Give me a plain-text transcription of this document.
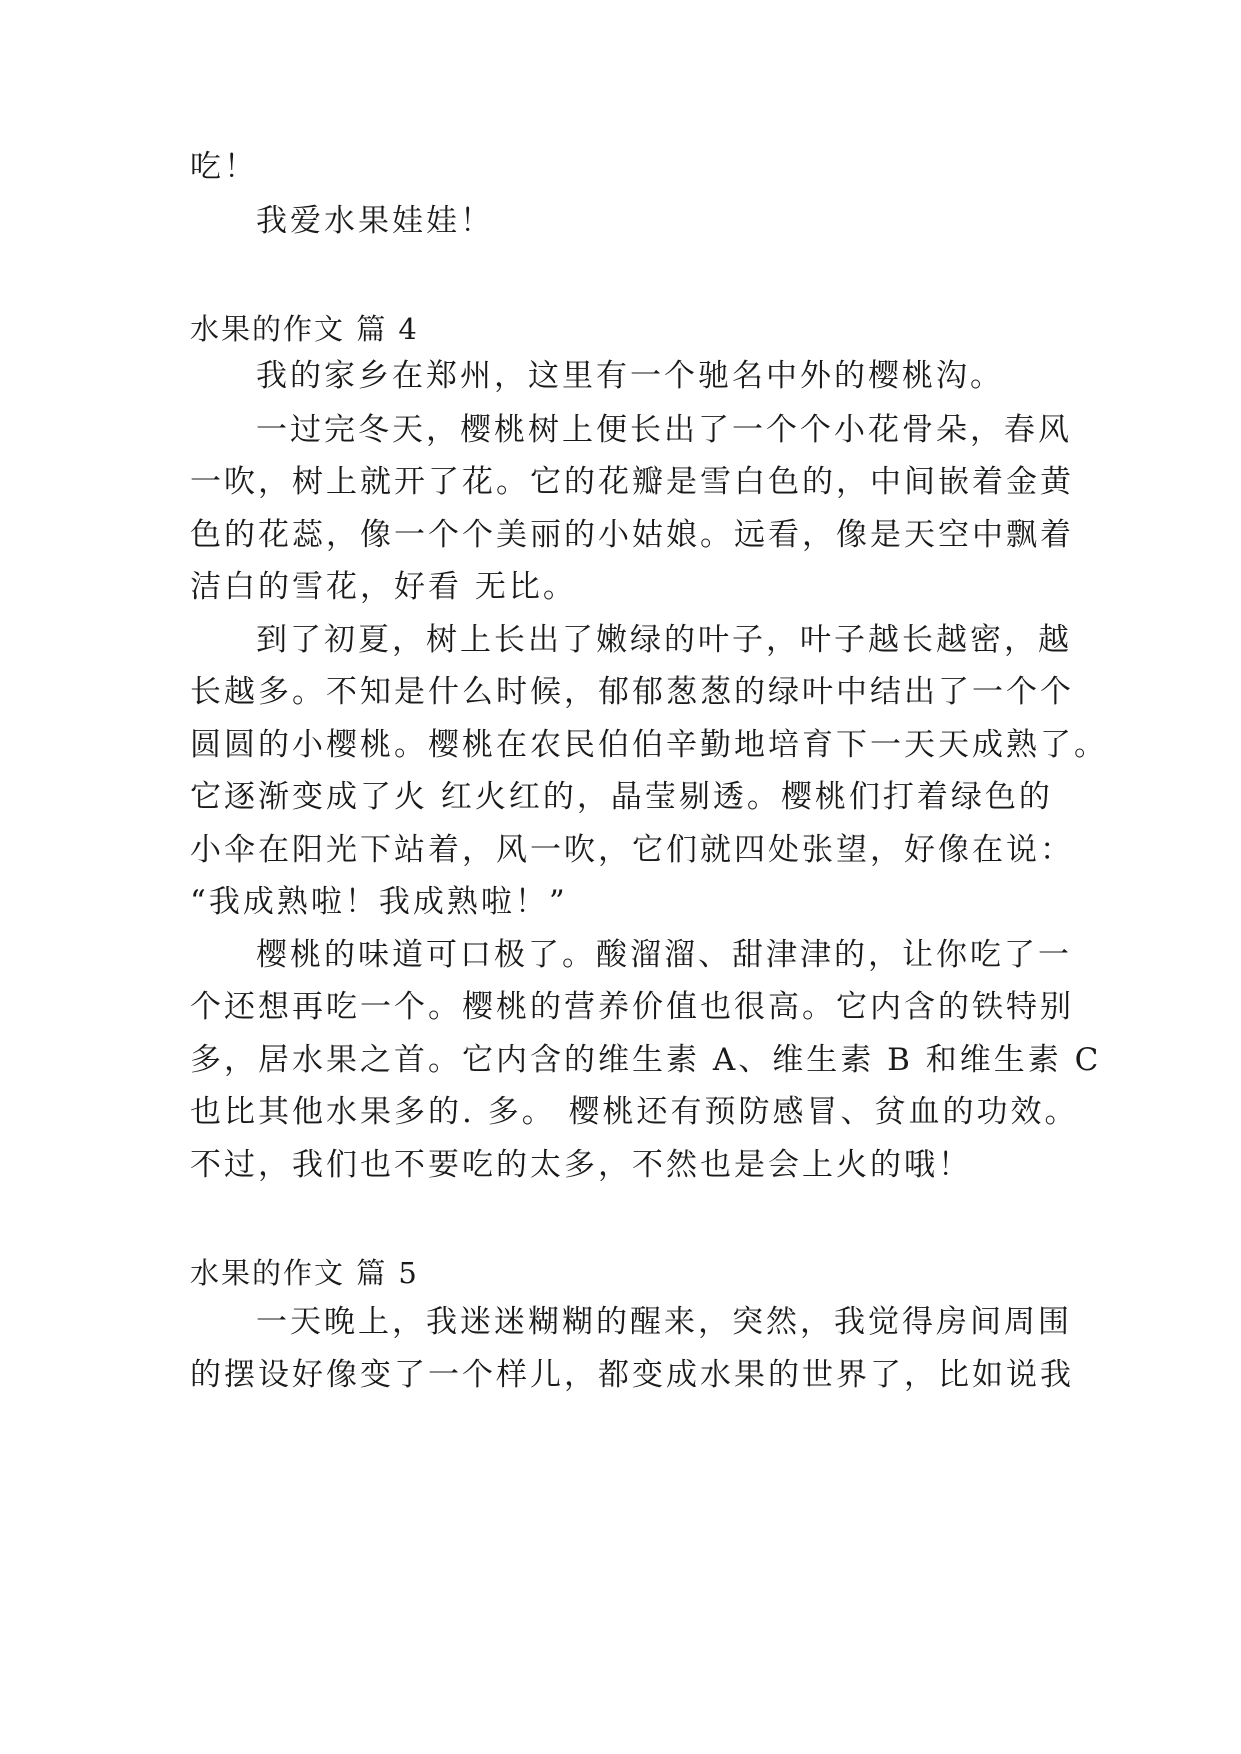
吃！
我爱水果娃娃！
水果的作文 篇 4
我的家乡在郑州，这里有一个驰名中外的樱桃沟。
一过完冬天，樱桃树上便长出了一个个小花骨朵，春风
一吹，树上就开了花。它的花瓣是雪白色的，中间嵌着金黄
色的花蕊，像一个个美丽的小姑娘。远看，像是天空中飘着
洁白的雪花，好看 无比。
到了初夏，树上长出了嫩绿的叶子，叶子越长越密，越
长越多。不知是什么时候，郁郁葱葱的绿叶中结出了一个个
圆圆的小樱桃。樱桃在农民伯伯辛勤地培育下一天天成熟了。
它逐渐变成了火 红火红的，晶莹剔透。樱桃们打着绿色的
小伞在阳光下站着，风一吹，它们就四处张望，好像在说：
“我成熟啦！我成熟啦！”
樱桃的味道可口极了。酸溜溜、甜津津的，让你吃了一
个还想再吃一个。樱桃的营养价值也很高。它内含的铁特别
多，居水果之首。它内含的维生素 A、维生素 B 和维生素 C
也比其他水果多的. 多。 樱桃还有预防感冒、贫血的功效。
不过，我们也不要吃的太多，不然也是会上火的哦！
水果的作文 篇 5
一天晚上，我迷迷糊糊的醒来，突然，我觉得房间周围
的摆设好像变了一个样儿，都变成水果的世界了，比如说我
